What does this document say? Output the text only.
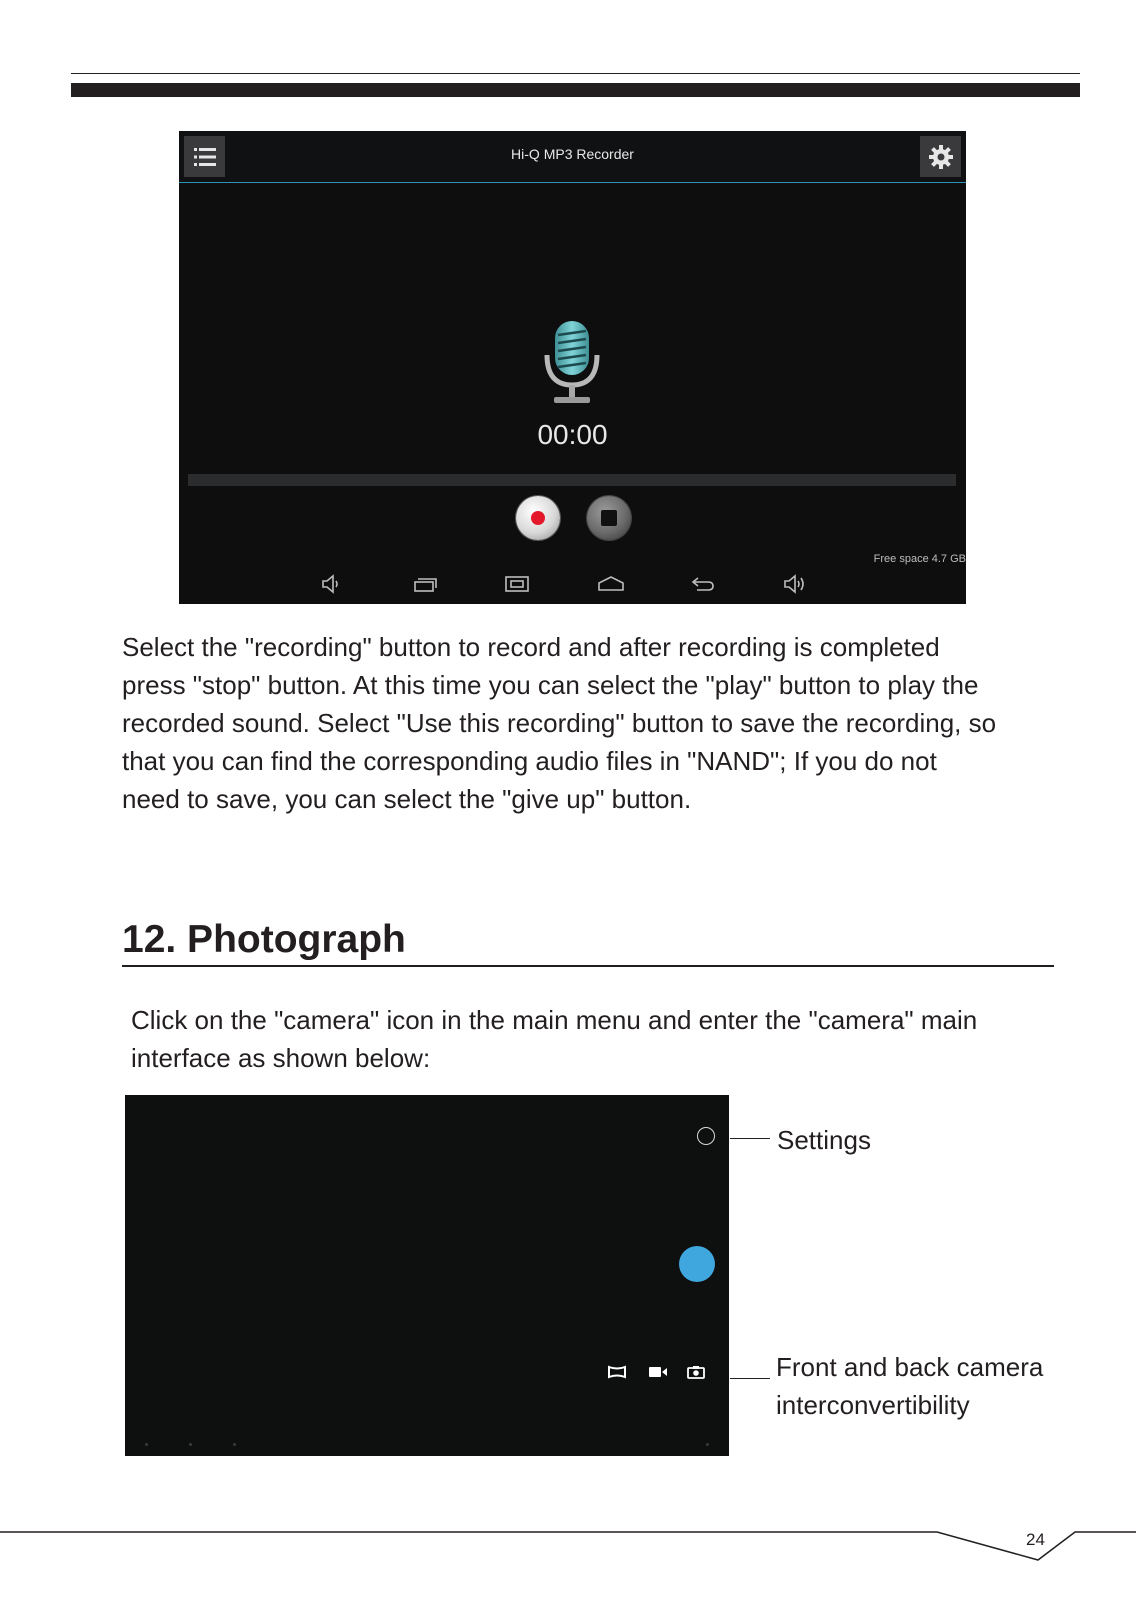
Hi-Q MP3 Recorder
00:00
Free space 4.7 GB
Select the "recording" button to record and after recording is completed
press "stop" button. At this time you can select the "play" button to play the
recorded sound. Select "Use this recording" button to save the recording, so
that you can find the corresponding audio files in "NAND"; If you do not
need to save, you can select the "give up" button.
12. Photograph
Click on the "camera" icon in the main menu and enter the "camera" main
interface as shown below:
Settings
Front and back camera
interconvertibility
24
